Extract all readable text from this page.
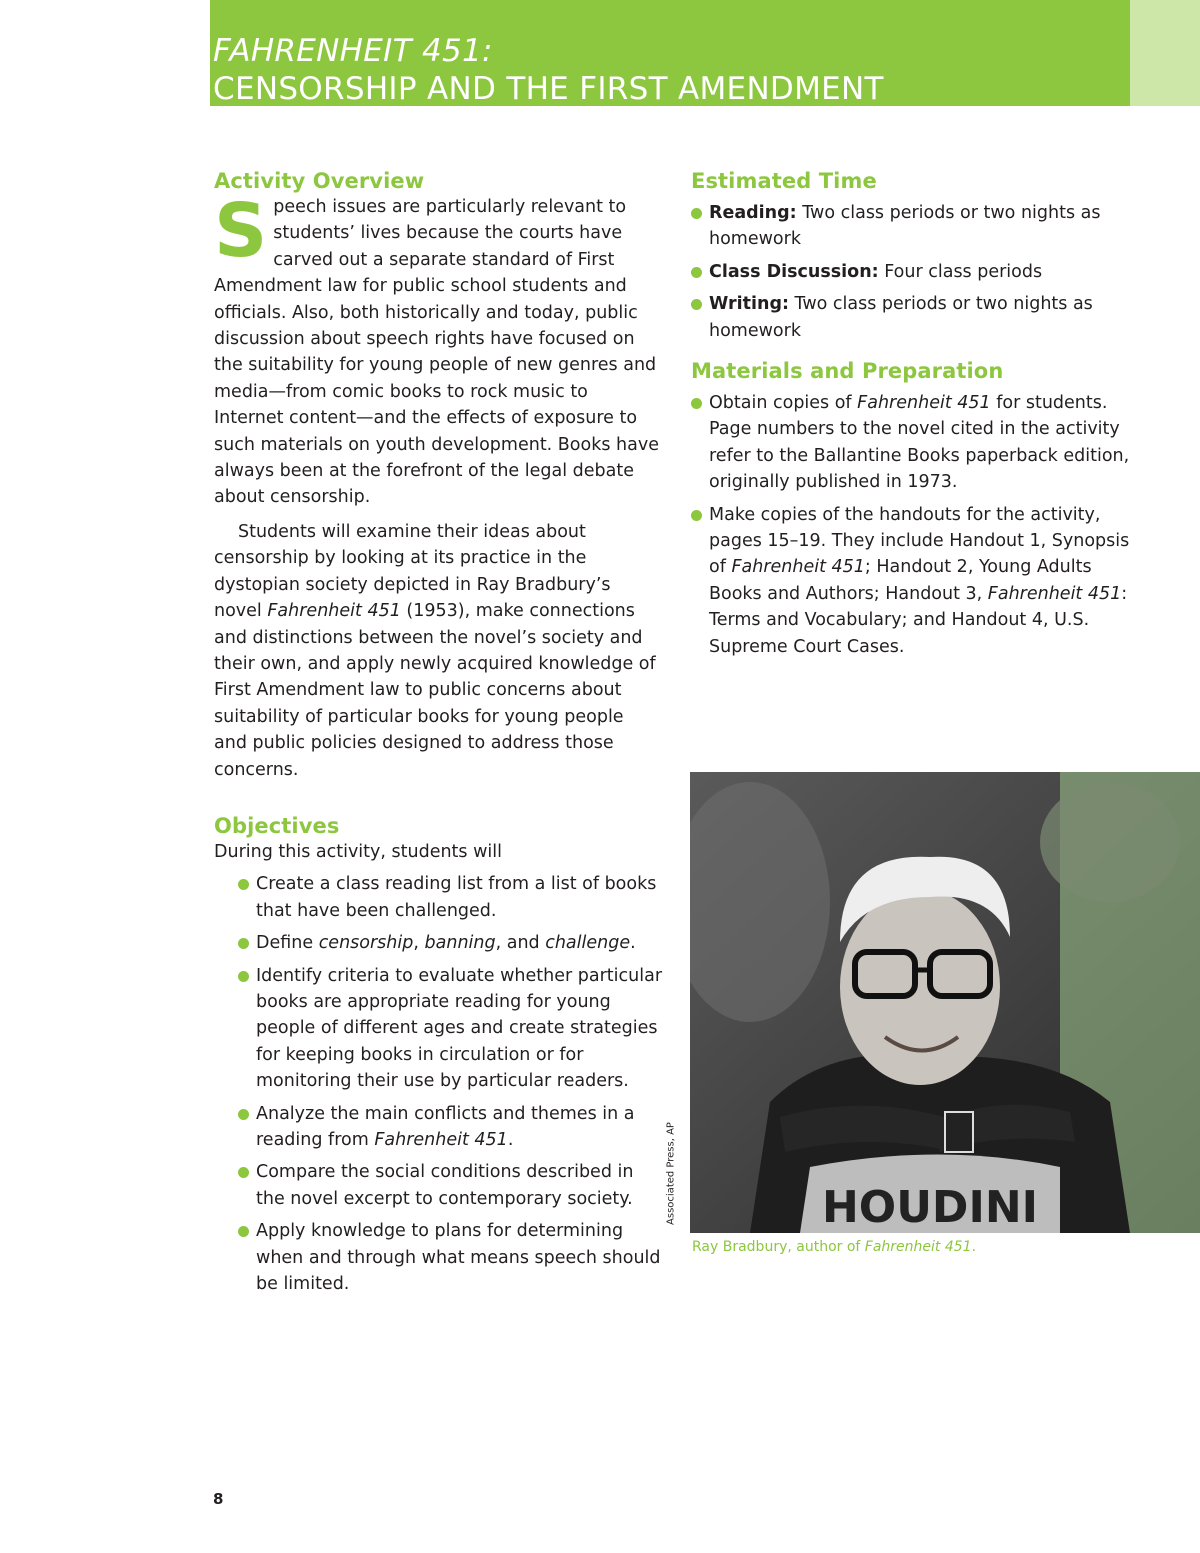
FAHRENHEIT 451:
CENSORSHIP AND THE FIRST AMENDMENT
Activity Overview
S peech issues are particularly relevant to students’ lives because the courts have carved out a separate standard of First Amendment law for public school students and officials. Also, both historically and today, public discussion about speech rights have focused on the suitability for young people of new genres and media—from comic books to rock music to Internet content—and the effects of exposure to such materials on youth development. Books have always been at the forefront of the legal debate about censorship.

Students will examine their ideas about censorship by looking at its practice in the dystopian society depicted in Ray Bradbury’s novel Fahrenheit 451 (1953), make connections and distinctions between the novel’s society and their own, and apply newly acquired knowledge of First Amendment law to public concerns about suitability of particular books for young people and public policies designed to address those concerns.

Objectives

During this activity, students will

Create a class reading list from a list of books that have been challenged.
Define censorship, banning, and challenge.
Identify criteria to evaluate whether particular books are appropriate reading for young people of different ages and create strategies for keeping books in circulation or for monitoring their use by particular readers.
Analyze the main conflicts and themes in a reading from Fahrenheit 451.
Compare the social conditions described in the novel excerpt to contemporary society.
Apply knowledge to plans for determining when and through what means speech should be limited.
Estimated Time
Reading: Two class periods or two nights as homework
Class Discussion: Four class periods
Writing: Two class periods or two nights as homework
Materials and Preparation
Obtain copies of Fahrenheit 451 for students. Page numbers to the novel cited in the activity refer to the Ballantine Books paperback edition, originally published in 1973.
Make copies of the handouts for the activity, pages 15–19. They include Handout 1, Synopsis of Fahrenheit 451; Handout 2, Young Adults Books and Authors; Handout 3, Fahrenheit 451: Terms and Vocabulary; and Handout 4, U.S. Supreme Court Cases.
HOUDINI
Associated Press, AP
Ray Bradbury, author of Fahrenheit 451.
8
